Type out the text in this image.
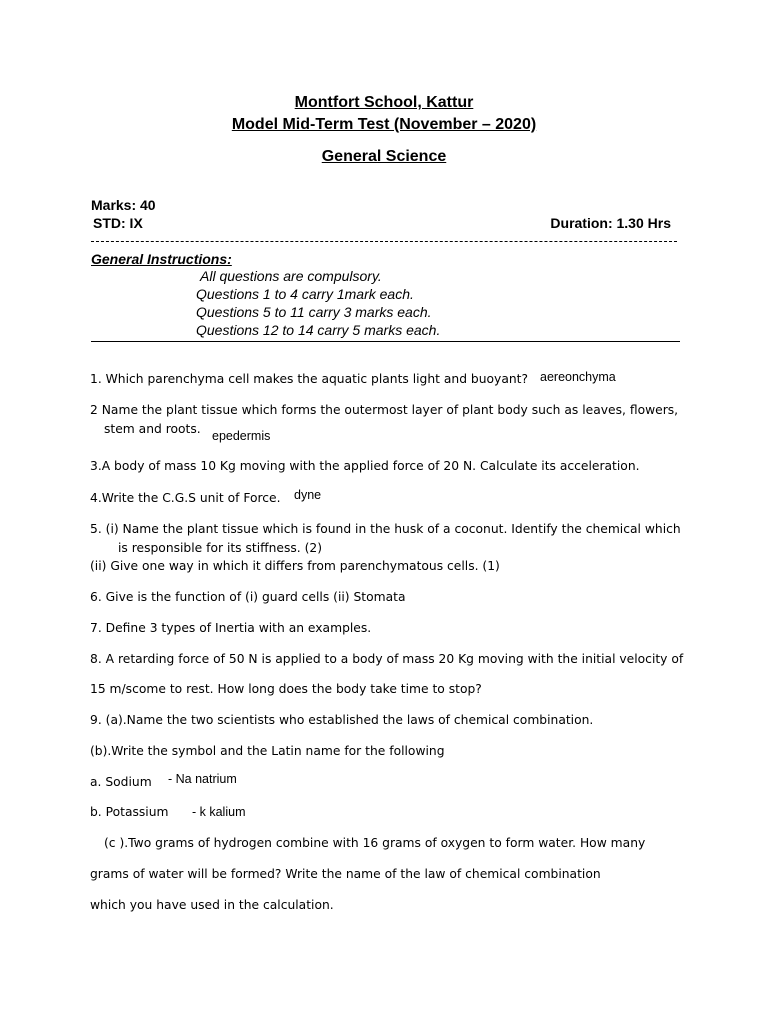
Montfort School, Kattur
Model Mid-Term Test (November – 2020)
General Science
Marks: 40
STD: IX	Duration: 1.30 Hrs
General Instructions:
All questions are compulsory.
Questions 1 to 4 carry 1mark each.
Questions 5 to 11 carry 3 marks each.
Questions 12 to 14 carry 5 marks each.
1. Which parenchyma cell makes the aquatic plants light and buoyant? aereonchyma
2 Name the plant tissue which forms the outermost layer of plant body such as leaves, flowers,
stem and roots. epedermis
3.A body of mass 10 Kg moving with the applied force of 20 N. Calculate its acceleration.
4.Write the C.G.S unit of Force. dyne
5. (i) Name the plant tissue which is found in the husk of a coconut. Identify the chemical which
is responsible for its stiffness. (2)
(ii) Give one way in which it differs from parenchymatous cells. (1)
6. Give is the function of (i) guard cells (ii) Stomata
7. Define 3 types of Inertia with an examples.
8. A retarding force of 50 N is applied to a body of mass 20 Kg moving with the initial velocity of
15 m/scome to rest. How long does the body take time to stop?
9. (a).Name the two scientists who established the laws of chemical combination.
(b).Write the symbol and the Latin name for the following
a. Sodium - Na natrium
b. Potassium - k kalium
(c ).Two grams of hydrogen combine with 16 grams of oxygen to form water. How many
grams of water will be formed? Write the name of the law of chemical combination
which you have used in the calculation.
